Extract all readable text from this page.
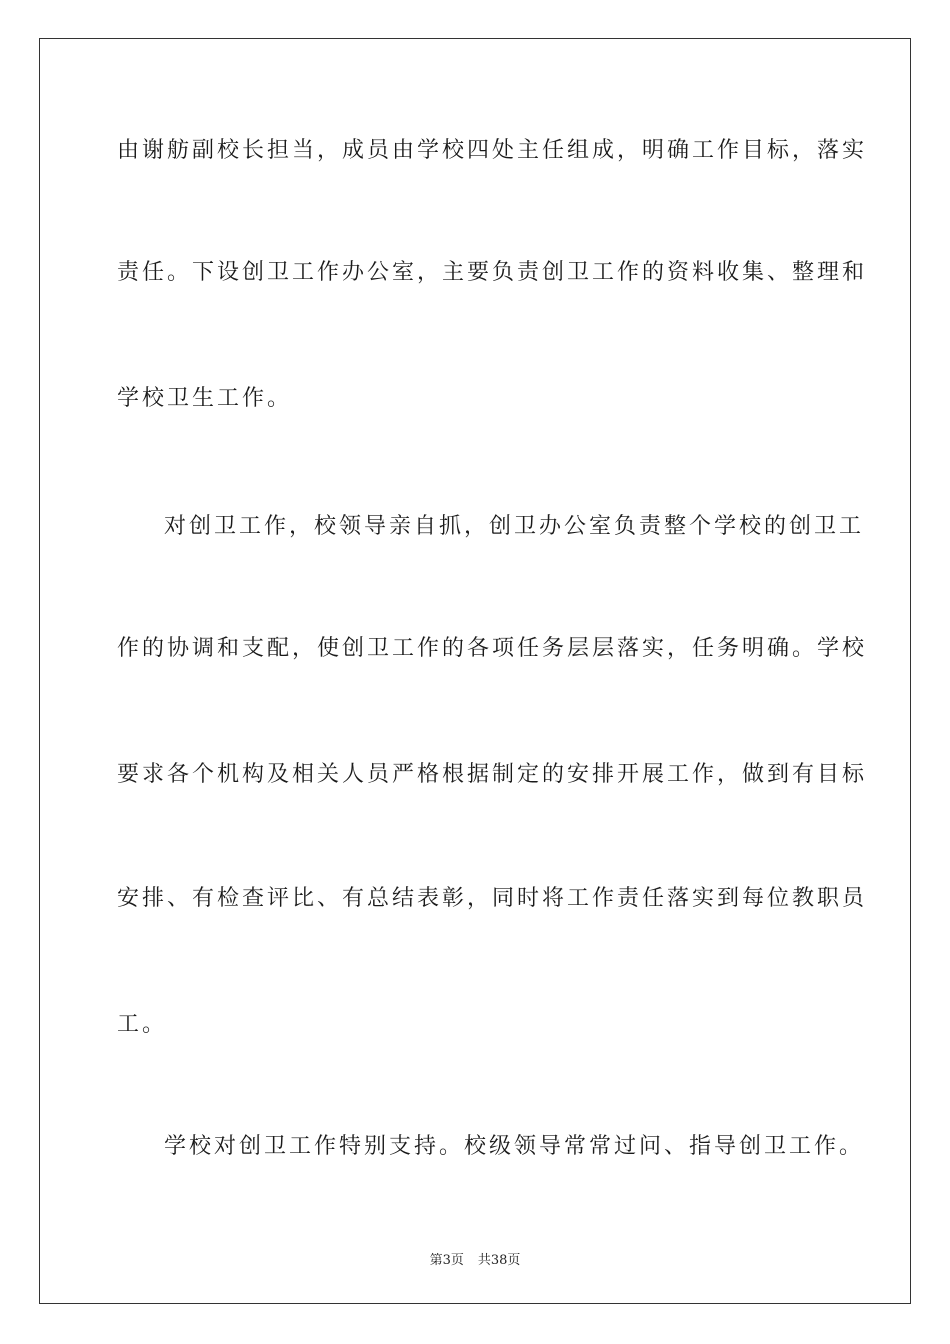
由谢舫副校长担当，成员由学校四处主任组成，明确工作目标，落实
责任。下设创卫工作办公室，主要负责创卫工作的资料收集、整理和
学校卫生工作。
对创卫工作，校领导亲自抓，创卫办公室负责整个学校的创卫工
作的协调和支配，使创卫工作的各项任务层层落实，任务明确。学校
要求各个机构及相关人员严格根据制定的安排开展工作，做到有目标
安排、有检查评比、有总结表彰，同时将工作责任落实到每位教职员
工。
学校对创卫工作特别支持。校级领导常常过问、指导创卫工作。
第3页 共38页
